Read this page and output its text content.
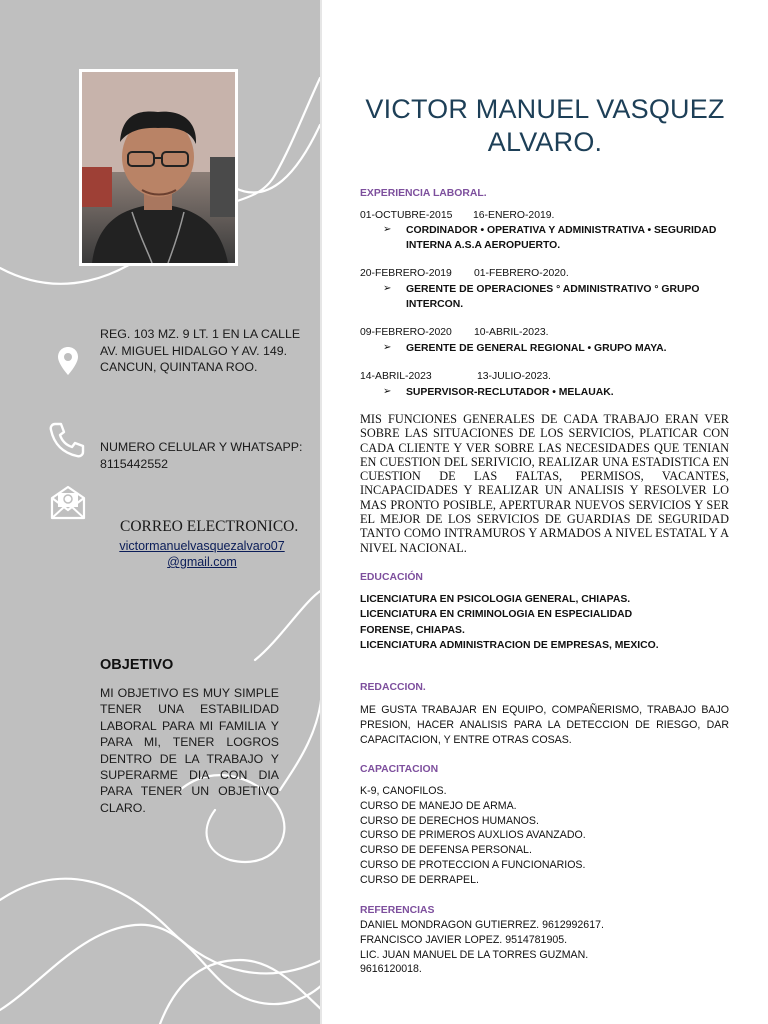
REG. 103 MZ. 9 LT. 1 EN LA CALLE
AV. MIGUEL HIDALGO Y AV. 149.
CANCUN, QUINTANA ROO.
NUMERO CELULAR Y WHATSAPP:
8115442552
CORREO ELECTRONICO.
victormanuelvasquezalvaro07@gmail.com
OBJETIVO
MI OBJETIVO ES MUY SIMPLE TENER UNA ESTABILIDAD LABORAL PARA MI FAMILIA Y PARA MI, TENER LOGROS DENTRO DE LA TRABAJO Y SUPERARME DIA CON DIA PARA TENER UN OBJETIVO CLARO.
VICTOR MANUEL VASQUEZ ALVARO.
EXPERIENCIA LABORAL.
01-OCTUBRE-2015 16-ENERO-2019.
➢ CORDINADOR • OPERATIVA Y ADMINISTRATIVA • SEGURIDAD INTERNA A.S.A AEROPUERTO.
20-FEBRERO-2019 01-FEBRERO-2020.
➢ GERENTE DE OPERACIONES ° ADMINISTRATIVO ° GRUPO INTERCON.
09-FEBRERO-2020 10-ABRIL-2023.
➢ GERENTE DE GENERAL REGIONAL • GRUPO MAYA.
14-ABRIL-2023	13-JULIO-2023.
➢ SUPERVISOR-RECLUTADOR • MELAUAK.
MIS FUNCIONES GENERALES DE CADA TRABAJO ERAN VER SOBRE LAS SITUACIONES DE LOS SERVICIOS, PLATICAR CON CADA CLIENTE Y VER SOBRE LAS NECESIDADES QUE TENIAN EN CUESTION DEL SERIVICIO, REALIZAR UNA ESTADISTICA EN CUESTION DE LAS FALTAS, PERMISOS, VACANTES, INCAPACIDADES Y REALIZAR UN ANALISIS Y RESOLVER LO MAS PRONTO POSIBLE, APERTURAR NUEVOS SERVICIOS Y SER EL MEJOR DE LOS SERVICIOS DE GUARDIAS DE SEGURIDAD TANTO COMO INTRAMUROS Y ARMADOS A NIVEL ESTATAL Y A NIVEL NACIONAL.
EDUCACIÓN
LICENCIATURA EN PSICOLOGIA GENERAL, CHIAPAS.
LICENCIATURA EN CRIMINOLOGIA EN ESPECIALIDAD
FORENSE, CHIAPAS.
LICENCIATURA ADMINISTRACION DE EMPRESAS, MEXICO.
REDACCION.
ME GUSTA TRABAJAR EN EQUIPO, COMPAÑERISMO, TRABAJO BAJO PRESION, HACER ANALISIS PARA LA DETECCION DE RIESGO, DAR CAPACITACION, Y ENTRE OTRAS COSAS.
CAPACITACION
K-9, CANOFILOS.
CURSO DE MANEJO DE ARMA.
CURSO DE DERECHOS HUMANOS.
CURSO DE PRIMEROS AUXLIOS AVANZADO.
CURSO DE DEFENSA PERSONAL.
CURSO DE PROTECCION A FUNCIONARIOS.
CURSO DE DERRAPEL.
REFERENCIAS
DANIEL MONDRAGON GUTIERREZ. 9612992617.
FRANCISCO JAVIER LOPEZ. 9514781905.
LIC. JUAN MANUEL DE LA TORRES GUZMAN.
9616120018.
